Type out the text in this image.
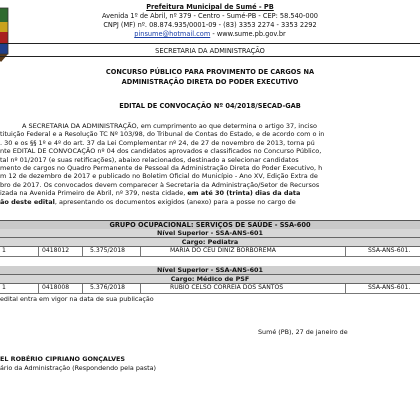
Prefeitura Municipal de Sumé - PB
Avenida 1º de Abril, nº 379 - Centro - Sumé-PB - CEP: 58.540-000
CNPJ (MF) nº. 08.874.935/0001-09 - (83) 3353 2274 - 3353 2292
pinsume@hotmail.com - www.sume.pb.gov.br
SECRETARIA DA ADMINISTRAÇÃO
CONCURSO PÚBLICO PARA PROVIMENTO DE CARGOS NA ADMINISTRAÇÃO DIRETA DO PODER EXECUTIVO
EDITAL DE CONVOCAÇÃO Nº 04/2018/SECAD-GAB
A SECRETARIA DA ADMINISTRAÇÃO, em cumprimento ao que determina o artigo 37, inciso
tituição Federal e a Resolução TC Nº 103/98, do Tribunal de Contas do Estado, e de acordo com o in
. 30 e os §§ 1º e 4º do art. 37 da Lei Complementar nº 24, de 27 de novembro de 2013, torna pú
nte EDITAL DE CONVOCAÇÃO nº 04 dos candidatos aprovados e classificados no Concurso Público,
tal nº 01/2017 (e suas retificações), abaixo relacionados, destinado a selecionar candidatos
mento de cargos no Quadro Permanente de Pessoal da Administração Direta do Poder Executivo, h
m 12 de dezembro de 2017 e publicado no Boletim Oficial do Município - Ano XV, Edição Extra de
bro de 2017. Os convocados devem comparecer à Secretaria da Administração/Setor de Recursos
izada na Avenida Primeiro de Abril, nº 379, nesta cidade, em até 30 (trinta) dias da data
ão deste edital, apresentando os documentos exigidos (anexo) para a posse no cargo de
GRUPO OCUPACIONAL: SERVIÇOS DE SAÚDE - SSA-600
Nível Superior - SSA-ANS-601
Cargo: Pediatra
1	0418012	5.375/2018	MARIA DO CEU DINIZ BORBOREMA	SSA-ANS-601.
Nível Superior - SSA-ANS-601
Cargo: Médico de PSF
1	0418008	5.376/2018	RUBIO CELSO CORREIA DOS SANTOS	SSA-ANS-601.
edital entra em vigor na data de sua publicação
Sumé (PB), 27 de janeiro de
EL ROBÉRIO CIPRIANO GONÇALVES
ário da Administração (Respondendo pela pasta)
